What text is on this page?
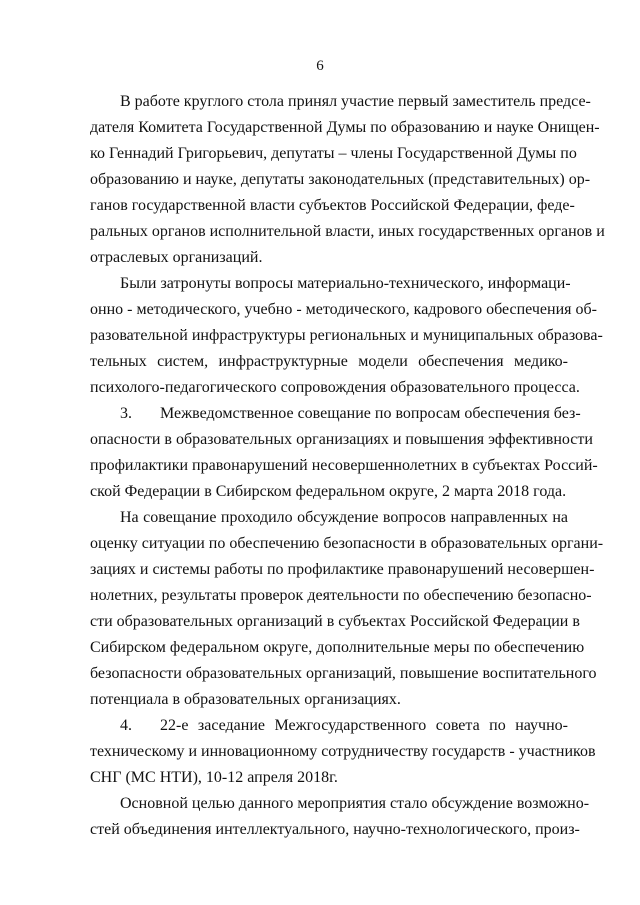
6
В работе круглого стола принял участие первый заместитель предсе-
дателя Комитета Государственной Думы по образованию и науке Онищен-
ко Геннадий Григорьевич, депутаты – члены Государственной Думы по
образованию и науке, депутаты законодательных (представительных) ор-
ганов государственной власти субъектов Российской Федерации, феде-
ральных органов исполнительной власти, иных государственных органов и
отраслевых организаций.
Были затронуты вопросы материально-технического, информаци-
онно - методического, учебно - методического, кадрового обеспечения об-
разовательной инфраструктуры региональных и муниципальных образова-
тельных систем, инфраструктурные модели обеспечения медико-
психолого-педагогического сопровождения образовательного процесса.
3. Межведомственное совещание по вопросам обеспечения без-
опасности в образовательных организациях и повышения эффективности
профилактики правонарушений несовершеннолетних в субъектах Россий-
ской Федерации в Сибирском федеральном округе, 2 марта 2018 года.
На совещание проходило обсуждение вопросов направленных на
оценку ситуации по обеспечению безопасности в образовательных органи-
зациях и системы работы по профилактике правонарушений несовершен-
нолетних, результаты проверок деятельности по обеспечению безопасно-
сти образовательных организаций в субъектах Российской Федерации в
Сибирском федеральном округе, дополнительные меры по обеспечению
безопасности образовательных организаций, повышение воспитательного
потенциала в образовательных организациях.
4. 22-е заседание Межгосударственного совета по научно-
техническому и инновационному сотрудничеству государств - участников
СНГ (МС НТИ), 10-12 апреля 2018г.
Основной целью данного мероприятия стало обсуждение возможно-
стей объединения интеллектуального, научно-технологического, произ-
